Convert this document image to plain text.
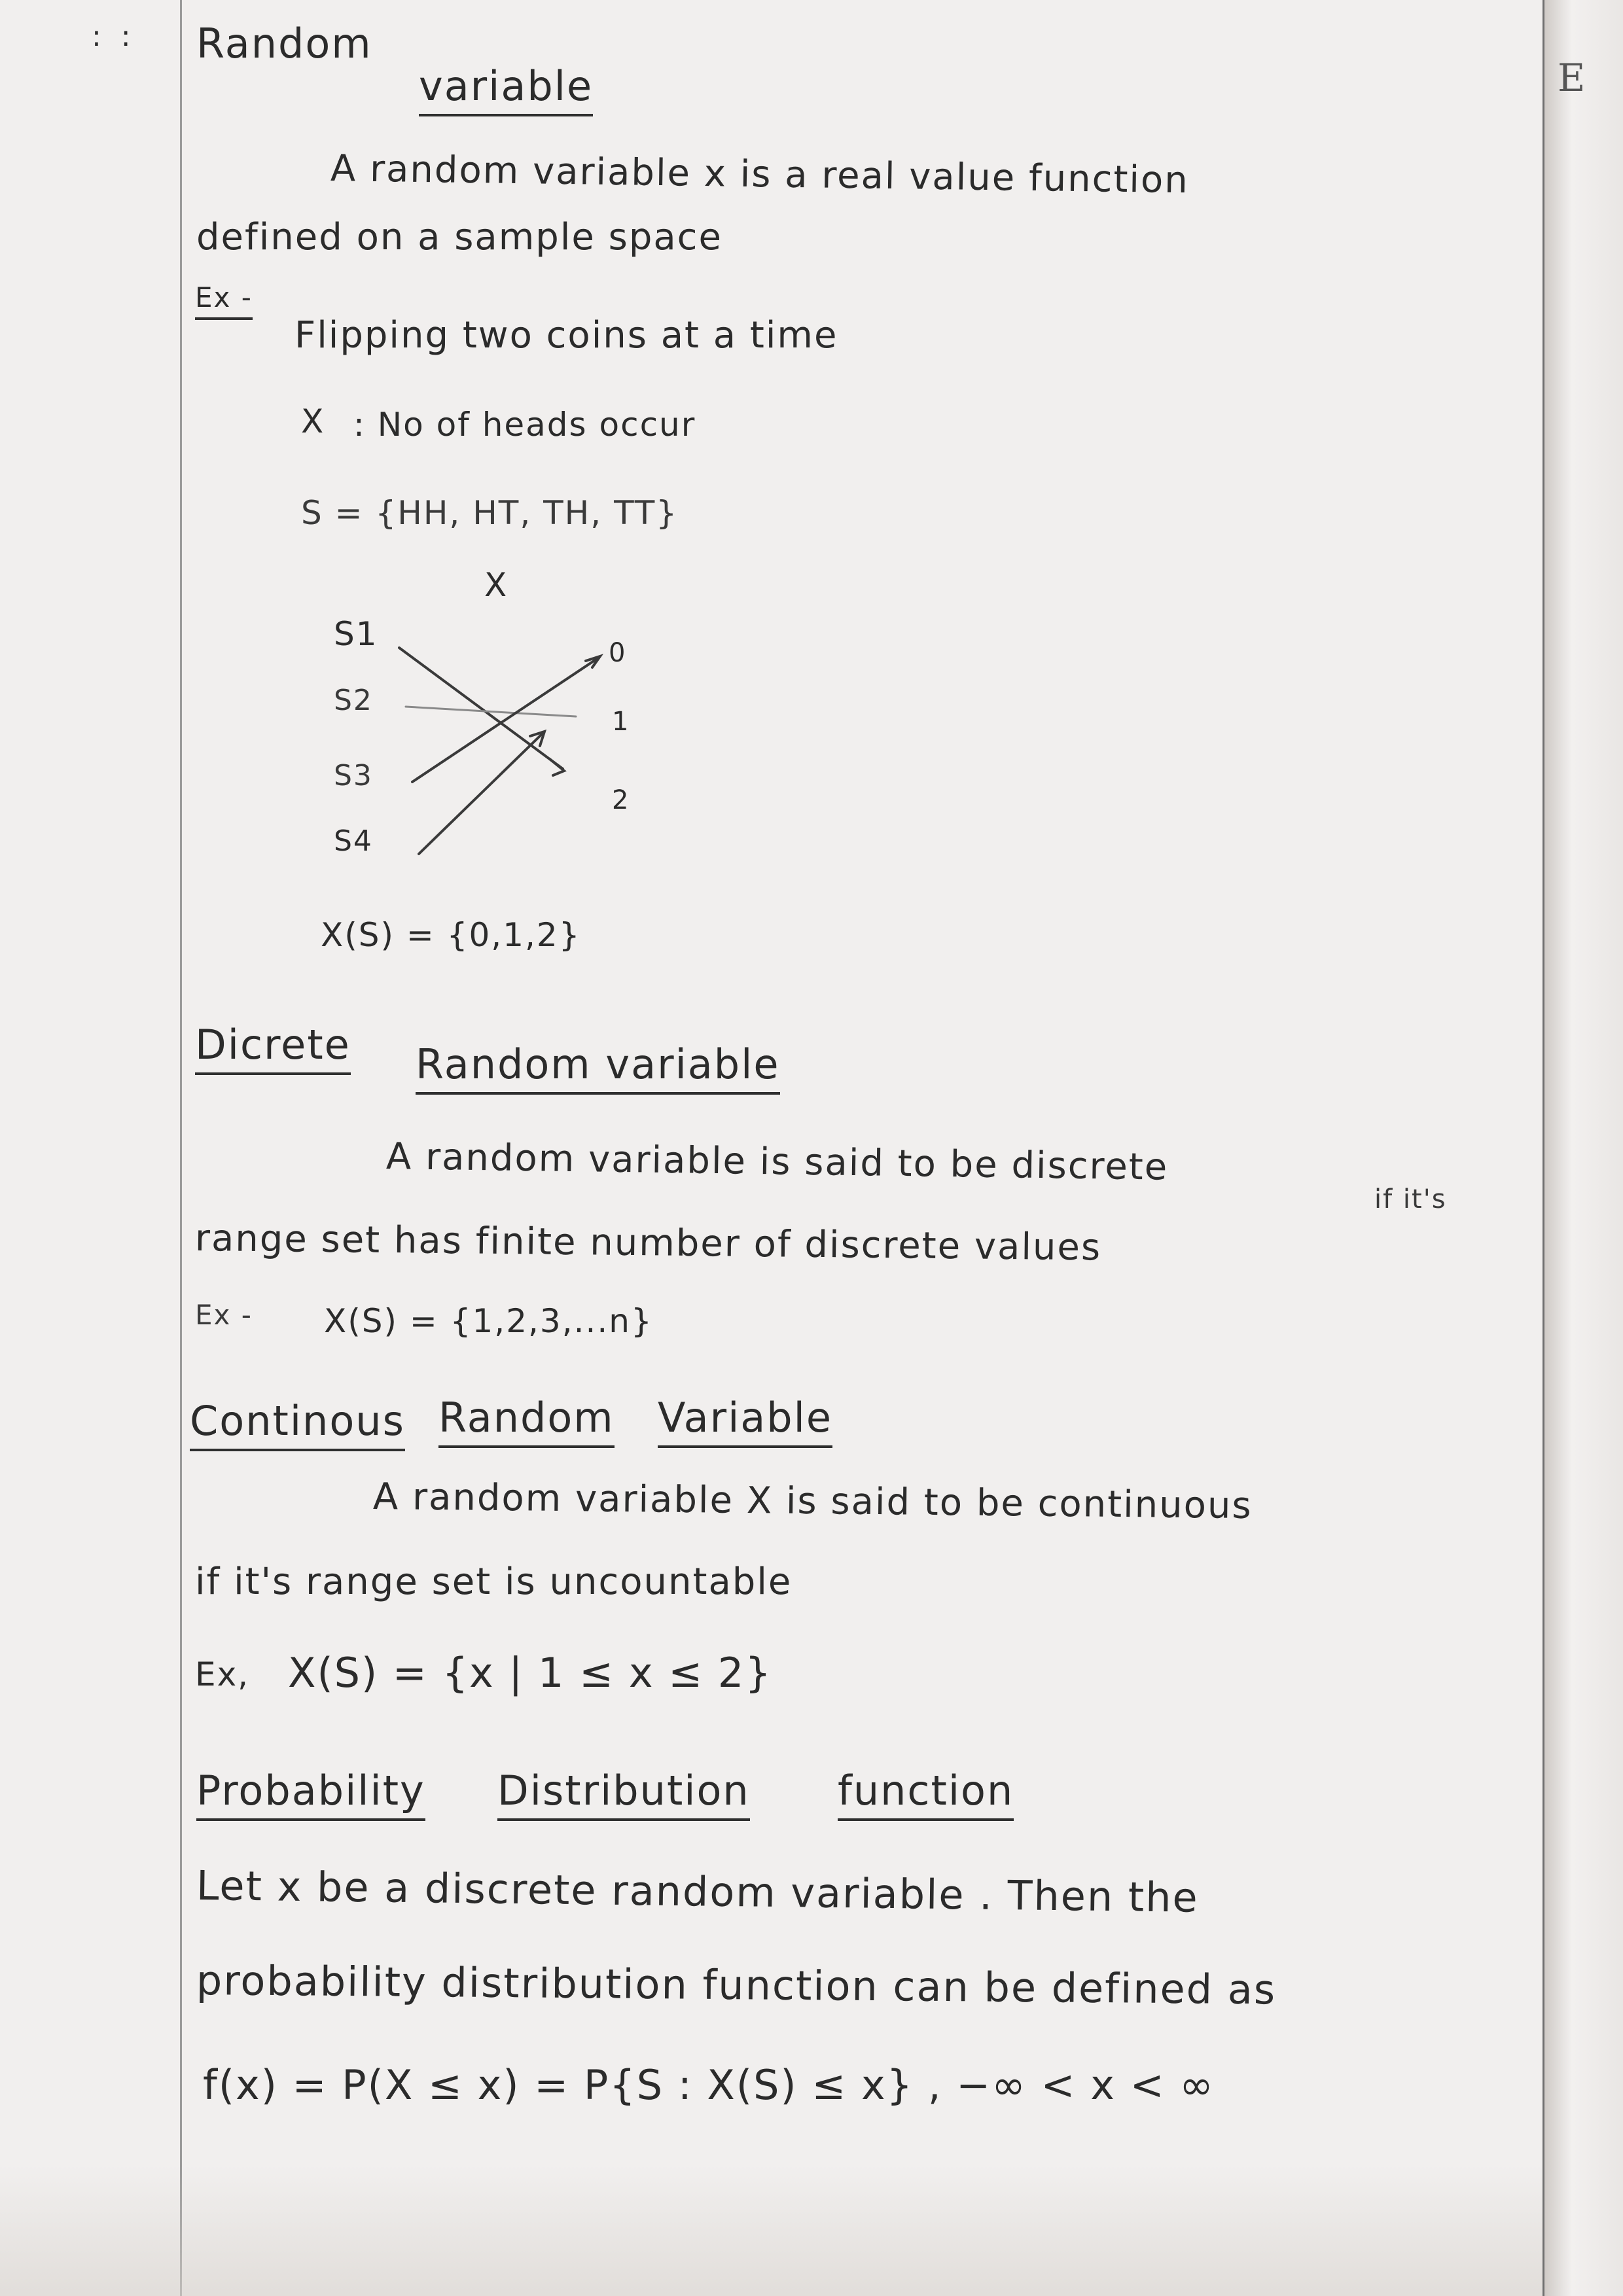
: : Random
variable
A random variable x is a real value function
defined on a sample space
Ex -
Flipping two coins at a time
X : No of heads occur
S = {HH, HT, TH, TT}
X
S1
S2
S3
S4
0
1
2
X(S) = {0,1,2}
Dicrete Random variable
A random variable is said to be discrete
if it's
range set has finite number of discrete values
Ex - X(S) = {1,2,3,...n}
Continous Random Variable
A random variable X is said to be continuous
if it's range set is uncountable
Ex, X(S) = {x | 1 ≤ x ≤ 2}
Probability Distribution function
Let x be a discrete random variable . Then the
probability distribution function can be defined as
f(x) = P(X ≤ x) = P{S : X(S) ≤ x} , −∞ < x < ∞
E
